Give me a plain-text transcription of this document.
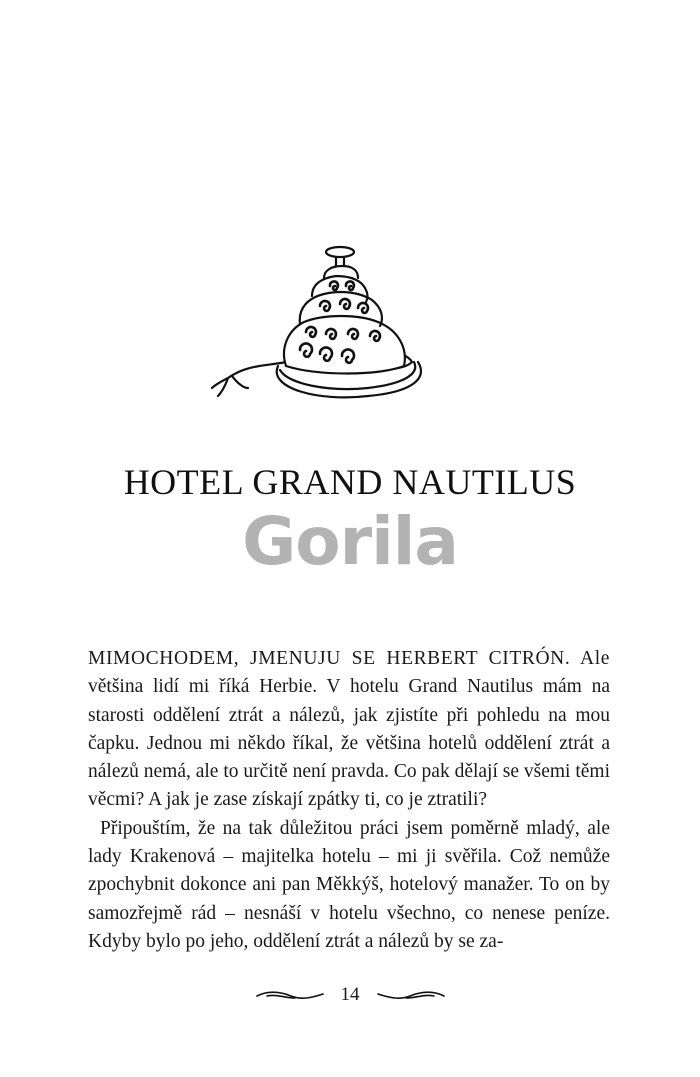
HOTEL GRAND NAUTILUS
Gorila

MIMOCHODEM, JMENUJU SE HERBERT CITRÓN. Ale většina lidí mi říká Herbie. V hotelu Grand Nautilus mám na starosti oddělení ztrát a nálezů, jak zjistíte při pohledu na mou čapku. Jednou mi někdo říkal, že většina hotelů oddělení ztrát a nálezů nemá, ale to určitě není pravda. Co pak dělají se všemi těmi věcmi? A jak je zase získají zpátky ti, co je ztratili?

Připouštím, že na tak důležitou práci jsem poměrně mladý, ale lady Krakenová – majitelka hotelu – mi ji svěřila. Což nemůže zpochybnit dokonce ani pan Měkkýš, hotelový manažer. To on by samozřejmě rád – nesnáší v hotelu všechno, co nenese peníze. Kdyby bylo po jeho, oddělení ztrát a nálezů by se za-

14
